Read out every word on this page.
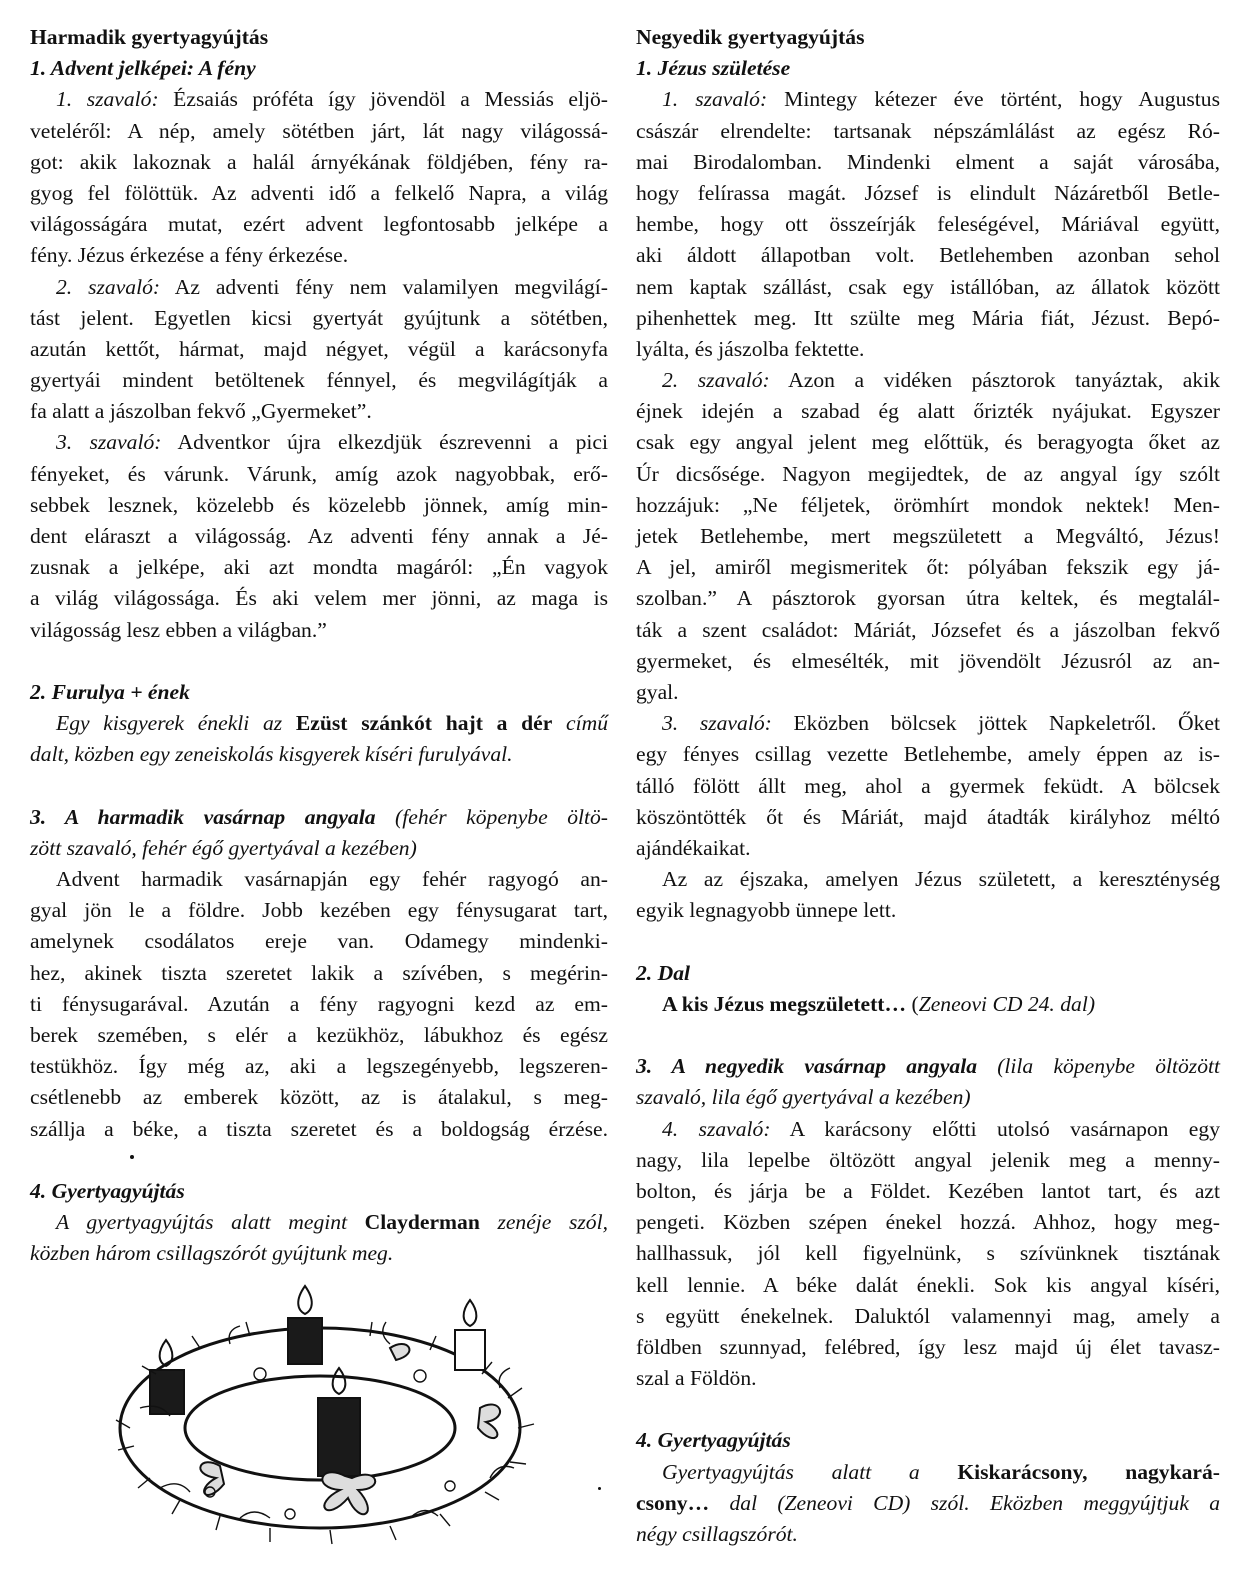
Harmadik gyertyagyújtás
1. Advent jelképei: A fény
1. szavaló: Ézsaiás próféta így jövendöl a Messiás eljö-
veteléről: A nép, amely sötétben járt, lát nagy világossá-
got: akik lakoznak a halál árnyékának földjében, fény ra-
gyog fel fölöttük. Az adventi idő a felkelő Napra, a világ
világosságára mutat, ezért advent legfontosabb jelképe a
fény. Jézus érkezése a fény érkezése.
2. szavaló: Az adventi fény nem valamilyen megvilágí-
tást jelent. Egyetlen kicsi gyertyát gyújtunk a sötétben,
azután kettőt, hármat, majd négyet, végül a karácsonyfa
gyertyái mindent betöltenek fénnyel, és megvilágítják a
fa alatt a jászolban fekvő „Gyermeket”.
3. szavaló: Adventkor újra elkezdjük észrevenni a pici
fényeket, és várunk. Várunk, amíg azok nagyobbak, erő-
sebbek lesznek, közelebb és közelebb jönnek, amíg min-
dent eláraszt a világosság. Az adventi fény annak a Jé-
zusnak a jelképe, aki azt mondta magáról: „Én vagyok
a világ világossága. És aki velem mer jönni, az maga is
világosság lesz ebben a világban.”
2. Furulya + ének
Egy kisgyerek énekli az Ezüst szánkót hajt a dér című
dalt, közben egy zeneiskolás kisgyerek kíséri furulyával.
3. A harmadik vasárnap angyala (fehér köpenybe öltö-
zött szavaló, fehér égő gyertyával a kezében)
Advent harmadik vasárnapján egy fehér ragyogó an-
gyal jön le a földre. Jobb kezében egy fénysugarat tart,
amelynek csodálatos ereje van. Odamegy mindenki-
hez, akinek tiszta szeretet lakik a szívében, s megérin-
ti fénysugarával. Azután a fény ragyogni kezd az em-
berek szemében, s elér a kezükhöz, lábukhoz és egész
testükhöz. Így még az, aki a legszegényebb, legszeren-
csétlenebb az emberek között, az is átalakul, s meg-
szállja a béke, a tiszta szeretet és a boldogság érzése.
4. Gyertyagyújtás
A gyertyagyújtás alatt megint Clayderman zenéje szól,
közben három csillagszórót gyújtunk meg.
Negyedik gyertyagyújtás
1. Jézus születése
1. szavaló: Mintegy kétezer éve történt, hogy Augustus
császár elrendelte: tartsanak népszámlálást az egész Ró-
mai Birodalomban. Mindenki elment a saját városába,
hogy felírassa magát. József is elindult Názáretből Betle-
hembe, hogy ott összeírják feleségével, Máriával együtt,
aki áldott állapotban volt. Betlehemben azonban sehol
nem kaptak szállást, csak egy istállóban, az állatok között
pihenhettek meg. Itt szülte meg Mária fiát, Jézust. Bepó-
lyálta, és jászolba fektette.
2. szavaló: Azon a vidéken pásztorok tanyáztak, akik
éjnek idején a szabad ég alatt őrizték nyájukat. Egyszer
csak egy angyal jelent meg előttük, és beragyogta őket az
Úr dicsősége. Nagyon megijedtek, de az angyal így szólt
hozzájuk: „Ne féljetek, örömhírt mondok nektek! Men-
jetek Betlehembe, mert megszületett a Megváltó, Jézus!
A jel, amiről megismeritek őt: pólyában fekszik egy já-
szolban.” A pásztorok gyorsan útra keltek, és megtalál-
ták a szent családot: Máriát, Józsefet és a jászolban fekvő
gyermeket, és elmesélték, mit jövendölt Jézusról az an-
gyal.
3. szavaló: Eközben bölcsek jöttek Napkeletről. Őket
egy fényes csillag vezette Betlehembe, amely éppen az is-
tálló fölött állt meg, ahol a gyermek feküdt. A bölcsek
köszöntötték őt és Máriát, majd átadták királyhoz méltó
ajándékaikat.
Az az éjszaka, amelyen Jézus született, a kereszténység
egyik legnagyobb ünnepe lett.
2. Dal
A kis Jézus megszületett… (Zeneovi CD 24. dal)
3. A negyedik vasárnap angyala (lila köpenybe öltözött
szavaló, lila égő gyertyával a kezében)
4. szavaló: A karácsony előtti utolsó vasárnapon egy
nagy, lila lepelbe öltözött angyal jelenik meg a menny-
bolton, és járja be a Földet. Kezében lantot tart, és azt
pengeti. Közben szépen énekel hozzá. Ahhoz, hogy meg-
hallhassuk, jól kell figyelnünk, s szívünknek tisztának
kell lennie. A béke dalát énekli. Sok kis angyal kíséri,
s együtt énekelnek. Daluktól valamennyi mag, amely a
földben szunnyad, felébred, így lesz majd új élet tavasz-
szal a Földön.
4. Gyertyagyújtás
Gyertyagyújtás alatt a Kiskarácsony, nagykará-
csony… dal (Zeneovi CD) szól. Eközben meggyújtjuk a
négy csillagszórót.
